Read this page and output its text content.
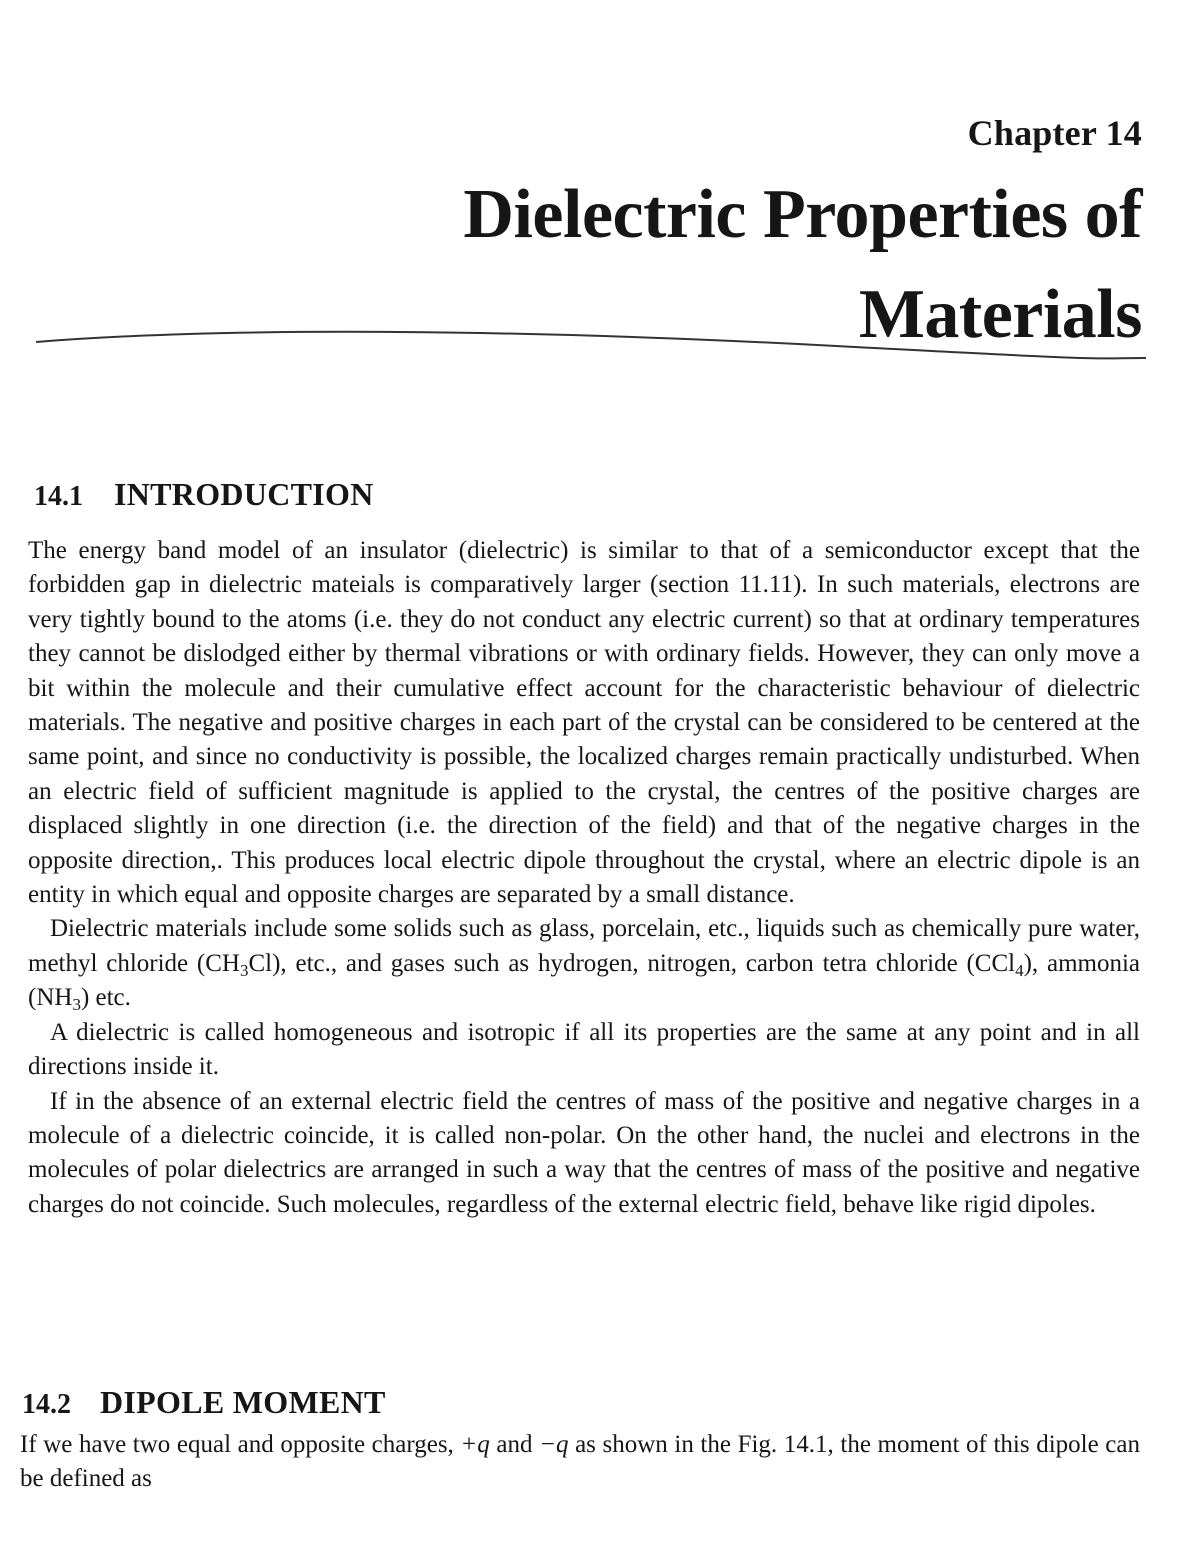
Chapter 14
Dielectric Properties of Materials
14.1 INTRODUCTION

The energy band model of an insulator (dielectric) is similar to that of a semiconductor except that the forbidden gap in dielectric mateials is comparatively larger (section 11.11). In such materials, electrons are very tightly bound to the atoms (i.e. they do not conduct any electric current) so that at ordinary temperatures they cannot be dislodged either by thermal vibrations or with ordinary fields. However, they can only move a bit within the molecule and their cumulative effect account for the characteristic behaviour of dielectric materials. The negative and positive charges in each part of the crystal can be considered to be centered at the same point, and since no conductivity is possible, the localized charges remain practically undisturbed. When an electric field of sufficient magnitude is applied to the crystal, the centres of the positive charges are displaced slightly in one direction (i.e. the direction of the field) and that of the negative charges in the opposite direction,. This produces local electric dipole throughout the crystal, where an electric dipole is an entity in which equal and opposite charges are separated by a small distance.

Dielectric materials include some solids such as glass, porcelain, etc., liquids such as chemically pure water, methyl chloride $(CH_3Cl)$, etc., and gases such as hydrogen, nitrogen, carbon tetra chloride (CCl$_4$), ammonia $(NH_3)$ etc.

A dielectric is called homogeneous and isotropic if all its properties are the same at any point and in all directions inside it.

If in the absence of an external electric field the centres of mass of the positive and negative charges in a molecule of a dielectric coincide, it is called non-polar. On the other hand, the nuclei and electrons in the molecules of polar dielectrics are arranged in such a way that the centres of mass of the positive and negative charges do not coincide. Such molecules, regardless of the external electric field, behave like rigid dipoles.

14.2 DIPOLE MOMENT

If we have two equal and opposite charges, +q and −q as shown in the Fig. 14.1, the moment of this dipole can be defined as
